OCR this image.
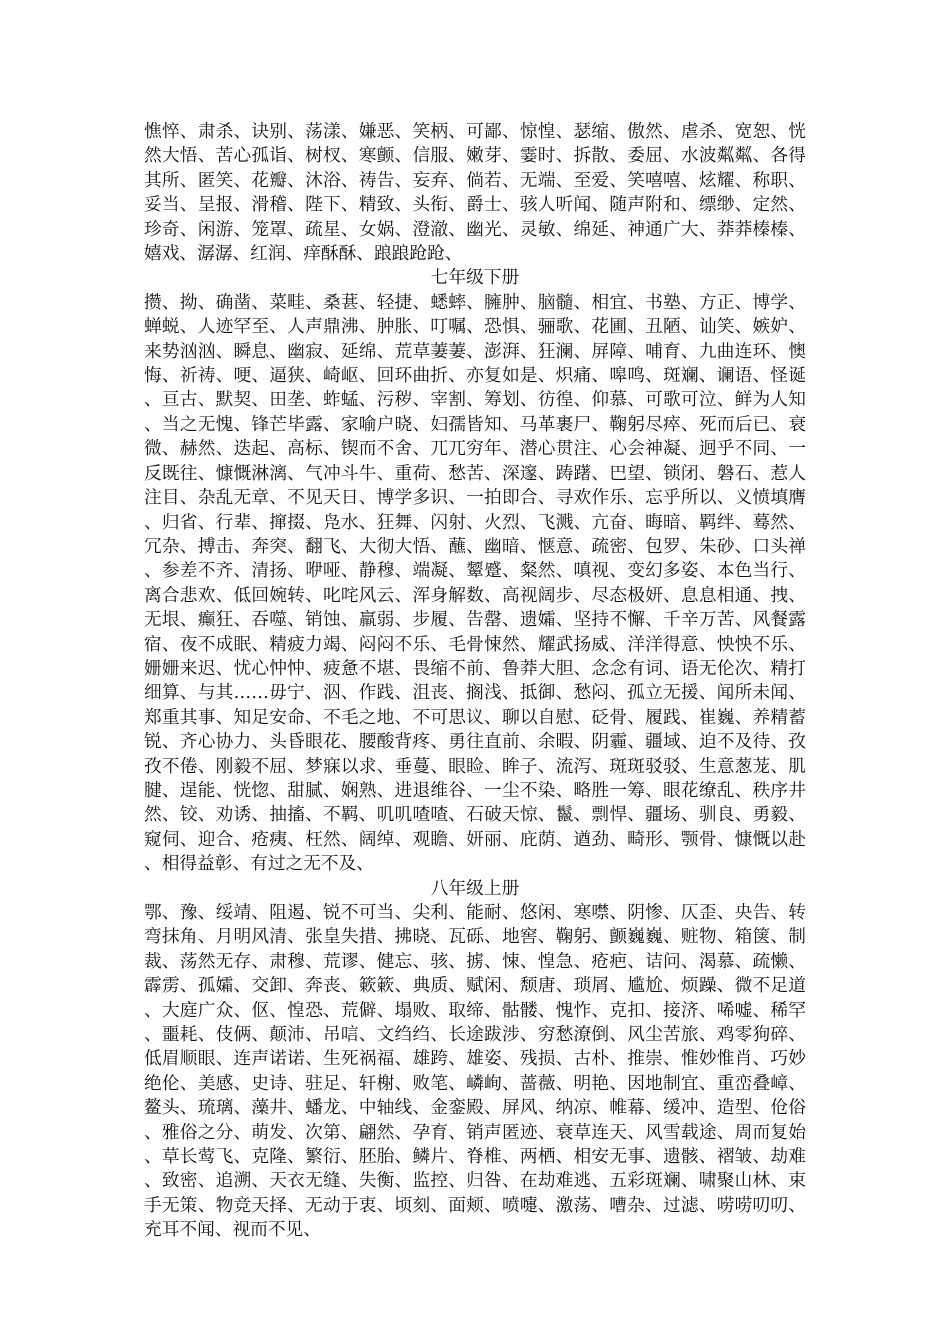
憔悴、肃杀、诀别、荡漾、嫌恶、笑柄、可鄙、惊惶、瑟缩、傲然、虐杀、宽恕、恍然大悟、苦心孤诣、树杈、寒颤、信服、嫩芽、霎时、拆散、委屈、水波粼粼、各得其所、匿笑、花瓣、沐浴、祷告、妄弃、倘若、无端、至爱、笑嘻嘻、炫耀、称职、妥当、呈报、滑稽、陛下、精致、头衔、爵士、骇人听闻、随声附和、缥缈、定然、珍奇、闲游、笼罩、疏星、女娲、澄澈、幽光、灵敏、绵延、神通广大、莽莽榛榛、嬉戏、潺潺、红润、痒酥酥、踉踉跄跄、

七年级下册

攒、拗、确凿、菜畦、桑葚、轻捷、蟋蟀、臃肿、脑髓、相宜、书塾、方正、博学、蝉蜕、人迹罕至、人声鼎沸、肿胀、叮嘱、恐惧、骊歌、花圃、丑陋、讪笑、嫉妒、来势汹汹、瞬息、幽寂、延绵、荒草萋萋、澎湃、狂澜、屏障、哺育、九曲连环、懊悔、祈祷、哽、逼狭、崎岖、回环曲折、亦复如是、炽痛、嗥鸣、斑斓、谰语、怪诞、亘古、默契、田垄、蚱蜢、污秽、宰割、筹划、彷徨、仰慕、可歌可泣、鲜为人知、当之无愧、锋芒毕露、家喻户晓、妇孺皆知、马革裹尸、鞠躬尽瘁、死而后已、衰微、赫然、迭起、高标、锲而不舍、兀兀穷年、潜心贯注、心会神凝、迥乎不同、一反既往、慷慨淋漓、气冲斗牛、重荷、愁苦、深邃、踌躇、巴望、锁闭、磐石、惹人注目、杂乱无章、不见天日、博学多识、一拍即合、寻欢作乐、忘乎所以、义愤填膺、归省、行辈、撺掇、凫水、狂舞、闪射、火烈、飞溅、亢奋、晦暗、羁绊、蓦然、冗杂、搏击、奔突、翻飞、大彻大悟、蘸、幽暗、惬意、疏密、包罗、朱砂、口头禅、参差不齐、清扬、咿哑、静穆、端凝、颦蹙、粲然、嗔视、变幻多姿、本色当行、离合悲欢、低回婉转、叱咤风云、浑身解数、高视阔步、尽态极妍、息息相通、拽、无垠、癫狂、吞噬、销蚀、羸弱、步履、告罄、遗孀、坚持不懈、千辛万苦、风餐露宿、夜不成眠、精疲力竭、闷闷不乐、毛骨悚然、耀武扬威、洋洋得意、怏怏不乐、姗姗来迟、忧心忡忡、疲惫不堪、畏缩不前、鲁莽大胆、念念有词、语无伦次、精打细算、与其……毋宁、泅、作践、沮丧、搁浅、抵御、愁闷、孤立无援、闻所未闻、郑重其事、知足安命、不毛之地、不可思议、聊以自慰、砭骨、履践、崔巍、养精蓄锐、齐心协力、头昏眼花、腰酸背疼、勇往直前、余暇、阴霾、疆域、迫不及待、孜孜不倦、刚毅不屈、梦寐以求、垂蔓、眼睑、眸子、流泻、斑斑驳驳、生意葱茏、肌腱、逞能、恍惚、甜腻、娴熟、进退维谷、一尘不染、略胜一筹、眼花缭乱、秩序井然、铰、劝诱、抽搐、不羁、叽叽喳喳、石破天惊、鬣、剽悍、疆场、驯良、勇毅、窥伺、迎合、疮痍、枉然、阔绰、观瞻、妍丽、庇荫、遒劲、畸形、颚骨、慷慨以赴、相得益彰、有过之无不及、

八年级上册

鄂、豫、绥靖、阻遏、锐不可当、尖利、能耐、悠闲、寒噤、阴惨、仄歪、央告、转弯抹角、月明风清、张皇失措、拂晓、瓦砾、地窖、鞠躬、颤巍巍、赃物、箱箧、制裁、荡然无存、肃穆、荒谬、健忘、骇、掳、悚、惶急、疮疤、诘问、渴慕、疏懒、霹雳、孤孀、交卸、奔丧、簌簌、典质、赋闲、颓唐、琐屑、尴尬、烦躁、微不足道、大庭广众、伛、惶恐、荒僻、塌败、取缔、骷髅、愧怍、克扣、接济、唏嘘、稀罕、噩耗、伎俩、颠沛、吊唁、文绉绉、长途跋涉、穷愁潦倒、风尘苦旅、鸡零狗碎、低眉顺眼、连声诺诺、生死祸福、雄跨、雄姿、残损、古朴、推崇、惟妙惟肖、巧妙绝伦、美感、史诗、驻足、轩榭、败笔、嶙峋、蔷薇、明艳、因地制宜、重峦叠嶂、鳌头、琉璃、藻井、蟠龙、中轴线、金銮殿、屏风、纳凉、帷幕、缓冲、造型、伧俗、雅俗之分、萌发、次第、翩然、孕育、销声匿迹、衰草连天、风雪载途、周而复始、草长莺飞、克隆、繁衍、胚胎、鳞片、脊椎、两栖、相安无事、遗骸、褶皱、劫难、致密、追溯、天衣无缝、失衡、监控、归咎、在劫难逃、五彩斑斓、啸聚山林、束手无策、物竞天择、无动于衷、顷刻、面颊、喷嚏、激荡、嘈杂、过滤、唠唠叨叨、充耳不闻、视而不见、
